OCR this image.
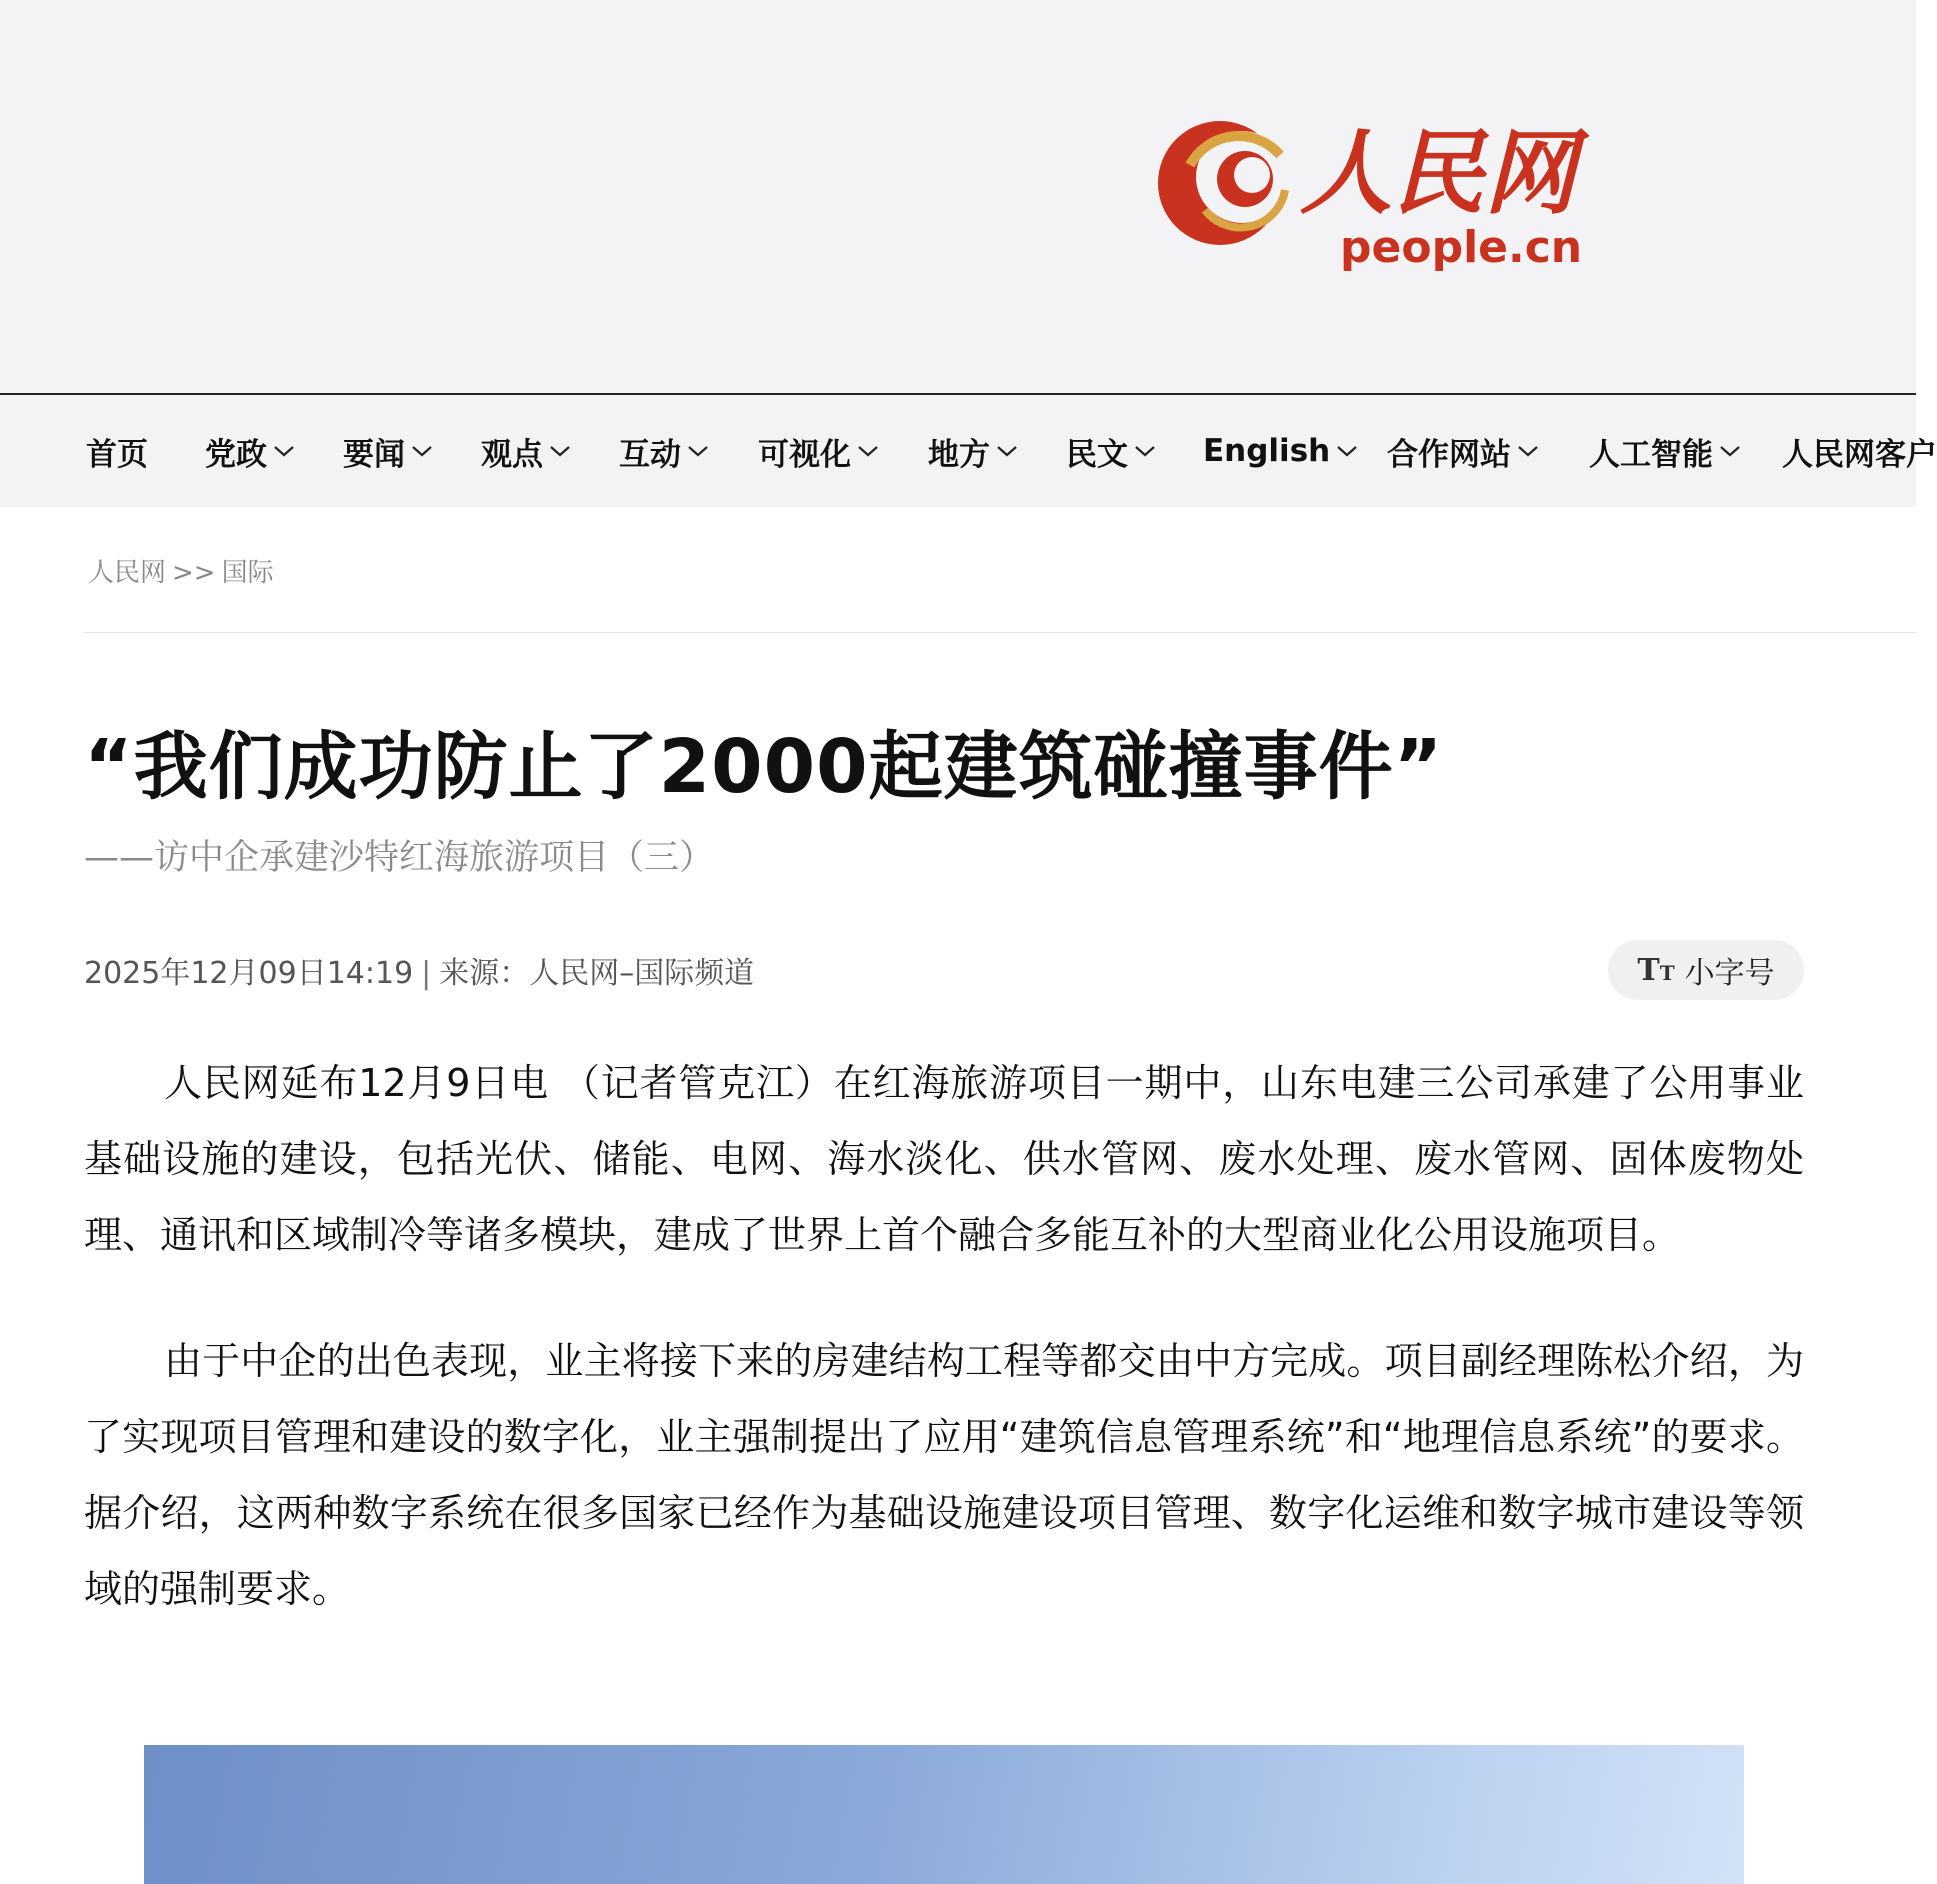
人民网
people.cn
首页 党政 要闻 观点 互动 可视化 地方 民文 English 合作网站	人工智能 人民网客户
人民网 >> 国际
“我们成功防止了2000起建筑碰撞事件”
——访中企承建沙特红海旅游项目（三）
2025年12月09日14:19 | 来源：人民网–国际频道	TT 小字号

人民网延布12月9日电 （记者管克江）在红海旅游项目一期中，山东电建三公司承建了公用事业基础设施的建设，包括光伏、储能、电网、海水淡化、供水管网、废水处理、废水管网、固体废物处理、通讯和区域制冷等诸多模块，建成了世界上首个融合多能互补的大型商业化公用设施项目。

由于中企的出色表现，业主将接下来的房建结构工程等都交由中方完成。项目副经理陈松介绍，为了实现项目管理和建设的数字化，业主强制提出了应用“建筑信息管理系统”和“地理信息系统”的要求。据介绍，这两种数字系统在很多国家已经作为基础设施建设项目管理、数字化运维和数字城市建设等领域的强制要求。
